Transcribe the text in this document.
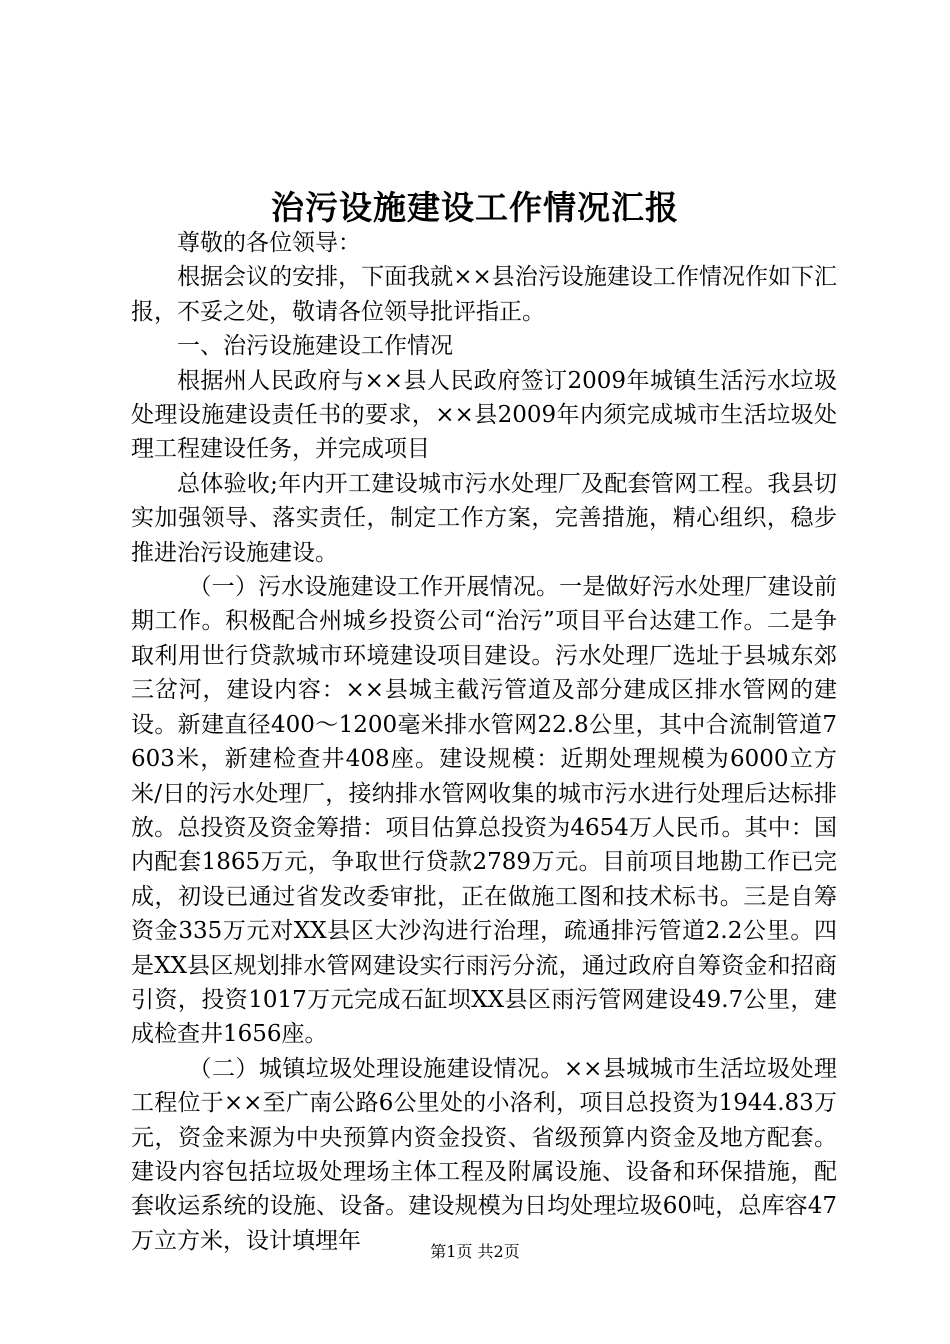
治污设施建设工作情况汇报

尊敬的各位领导：

根据会议的安排，下面我就××县治污设施建设工作情况作如下汇报，不妥之处，敬请各位领导批评指正。

一、治污设施建设工作情况

根据州人民政府与××县人民政府签订2009年城镇生活污水垃圾处理设施建设责任书的要求，××县2009年内须完成城市生活垃圾处理工程建设任务，并完成项目

总体验收;年内开工建设城市污水处理厂及配套管网工程。我县切实加强领导、落实责任，制定工作方案，完善措施，精心组织，稳步推进治污设施建设。

（一）污水设施建设工作开展情况。一是做好污水处理厂建设前期工作。积极配合州城乡投资公司“治污”项目平台达建工作。二是争取利用世行贷款城市环境建设项目建设。污水处理厂选址于县城东郊三岔河，建设内容：××县城主截污管道及部分建成区排水管网的建设。新建直径400～1200毫米排水管网22.8公里，其中合流制管道7603米，新建检查井408座。建设规模：近期处理规模为6000立方米/日的污水处理厂，接纳排水管网收集的城市污水进行处理后达标排放。总投资及资金筹措：项目估算总投资为4654万人民币。其中：国内配套1865万元，争取世行贷款2789万元。目前项目地勘工作已完成，初设已通过省发改委审批，正在做施工图和技术标书。三是自筹资金335万元对XX县区大沙沟进行治理，疏通排污管道2.2公里。四是XX县区规划排水管网建设实行雨污分流，通过政府自筹资金和招商引资，投资1017万元完成石缸坝XX县区雨污管网建设49.7公里，建成检查井1656座。

（二）城镇垃圾处理设施建设情况。××县城城市生活垃圾处理工程位于××至广南公路6公里处的小洛利，项目总投资为1944.83万元，资金来源为中央预算内资金投资、省级预算内资金及地方配套。建设内容包括垃圾处理场主体工程及附属设施、设备和环保措施，配套收运系统的设施、设备。建设规模为日均处理垃圾60吨，总库容47万立方米，设计填埋年	第1页 共2页
